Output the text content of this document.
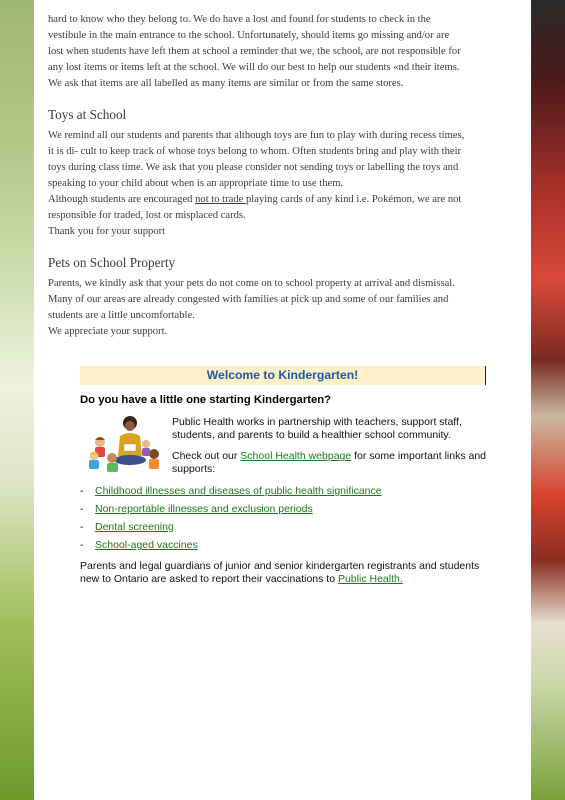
hard to know who they belong to. We do have a lost and found for students to check in the

vestibule in the main entrance to the school. Unfortunately, should items go missing and/or are

lost when students have left them at school a reminder that we, the school, are not responsible for

any lost items or items left at the school. We will do our best to help our students «nd their items.

We ask that items are all labelled as many items are similar or from the same stores.

Toys at School

We remind all our students and parents that although toys are fun to play with during recess times,

it is di- cult to keep track of whose toys belong to whom. Often students bring and play with their

toys during class time. We ask that you please consider not sending toys or labelling the toys and

speaking to your child about when is an appropriate time to use them.

Although students are encouraged not to trade playing cards of any kind i.e. Pokémon, we are not

responsible for traded, lost or misplaced cards.

Thank you for your support

Pets on School Property

Parents, we kindly ask that your pets do not come on to school property at arrival and dismissal.

Many of our areas are already congested with families at pick up and some of our families and

students are a little uncomfortable.

We appreciate your support.

Welcome to Kindergarten!
Do you have a little one starting Kindergarten?

Public Health works in partnership with teachers, support staff, students, and parents to build a healthier school community.

Check out our School Health webpage for some important links and supports:

-	Childhood illnesses and diseases of public health significance
-	Non-reportable illnesses and exclusion periods
-	Dental screening
-	School-aged vaccines
Parents and legal guardians of junior and senior kindergarten registrants and students new to Ontario are asked to report their vaccinations to Public Health.
